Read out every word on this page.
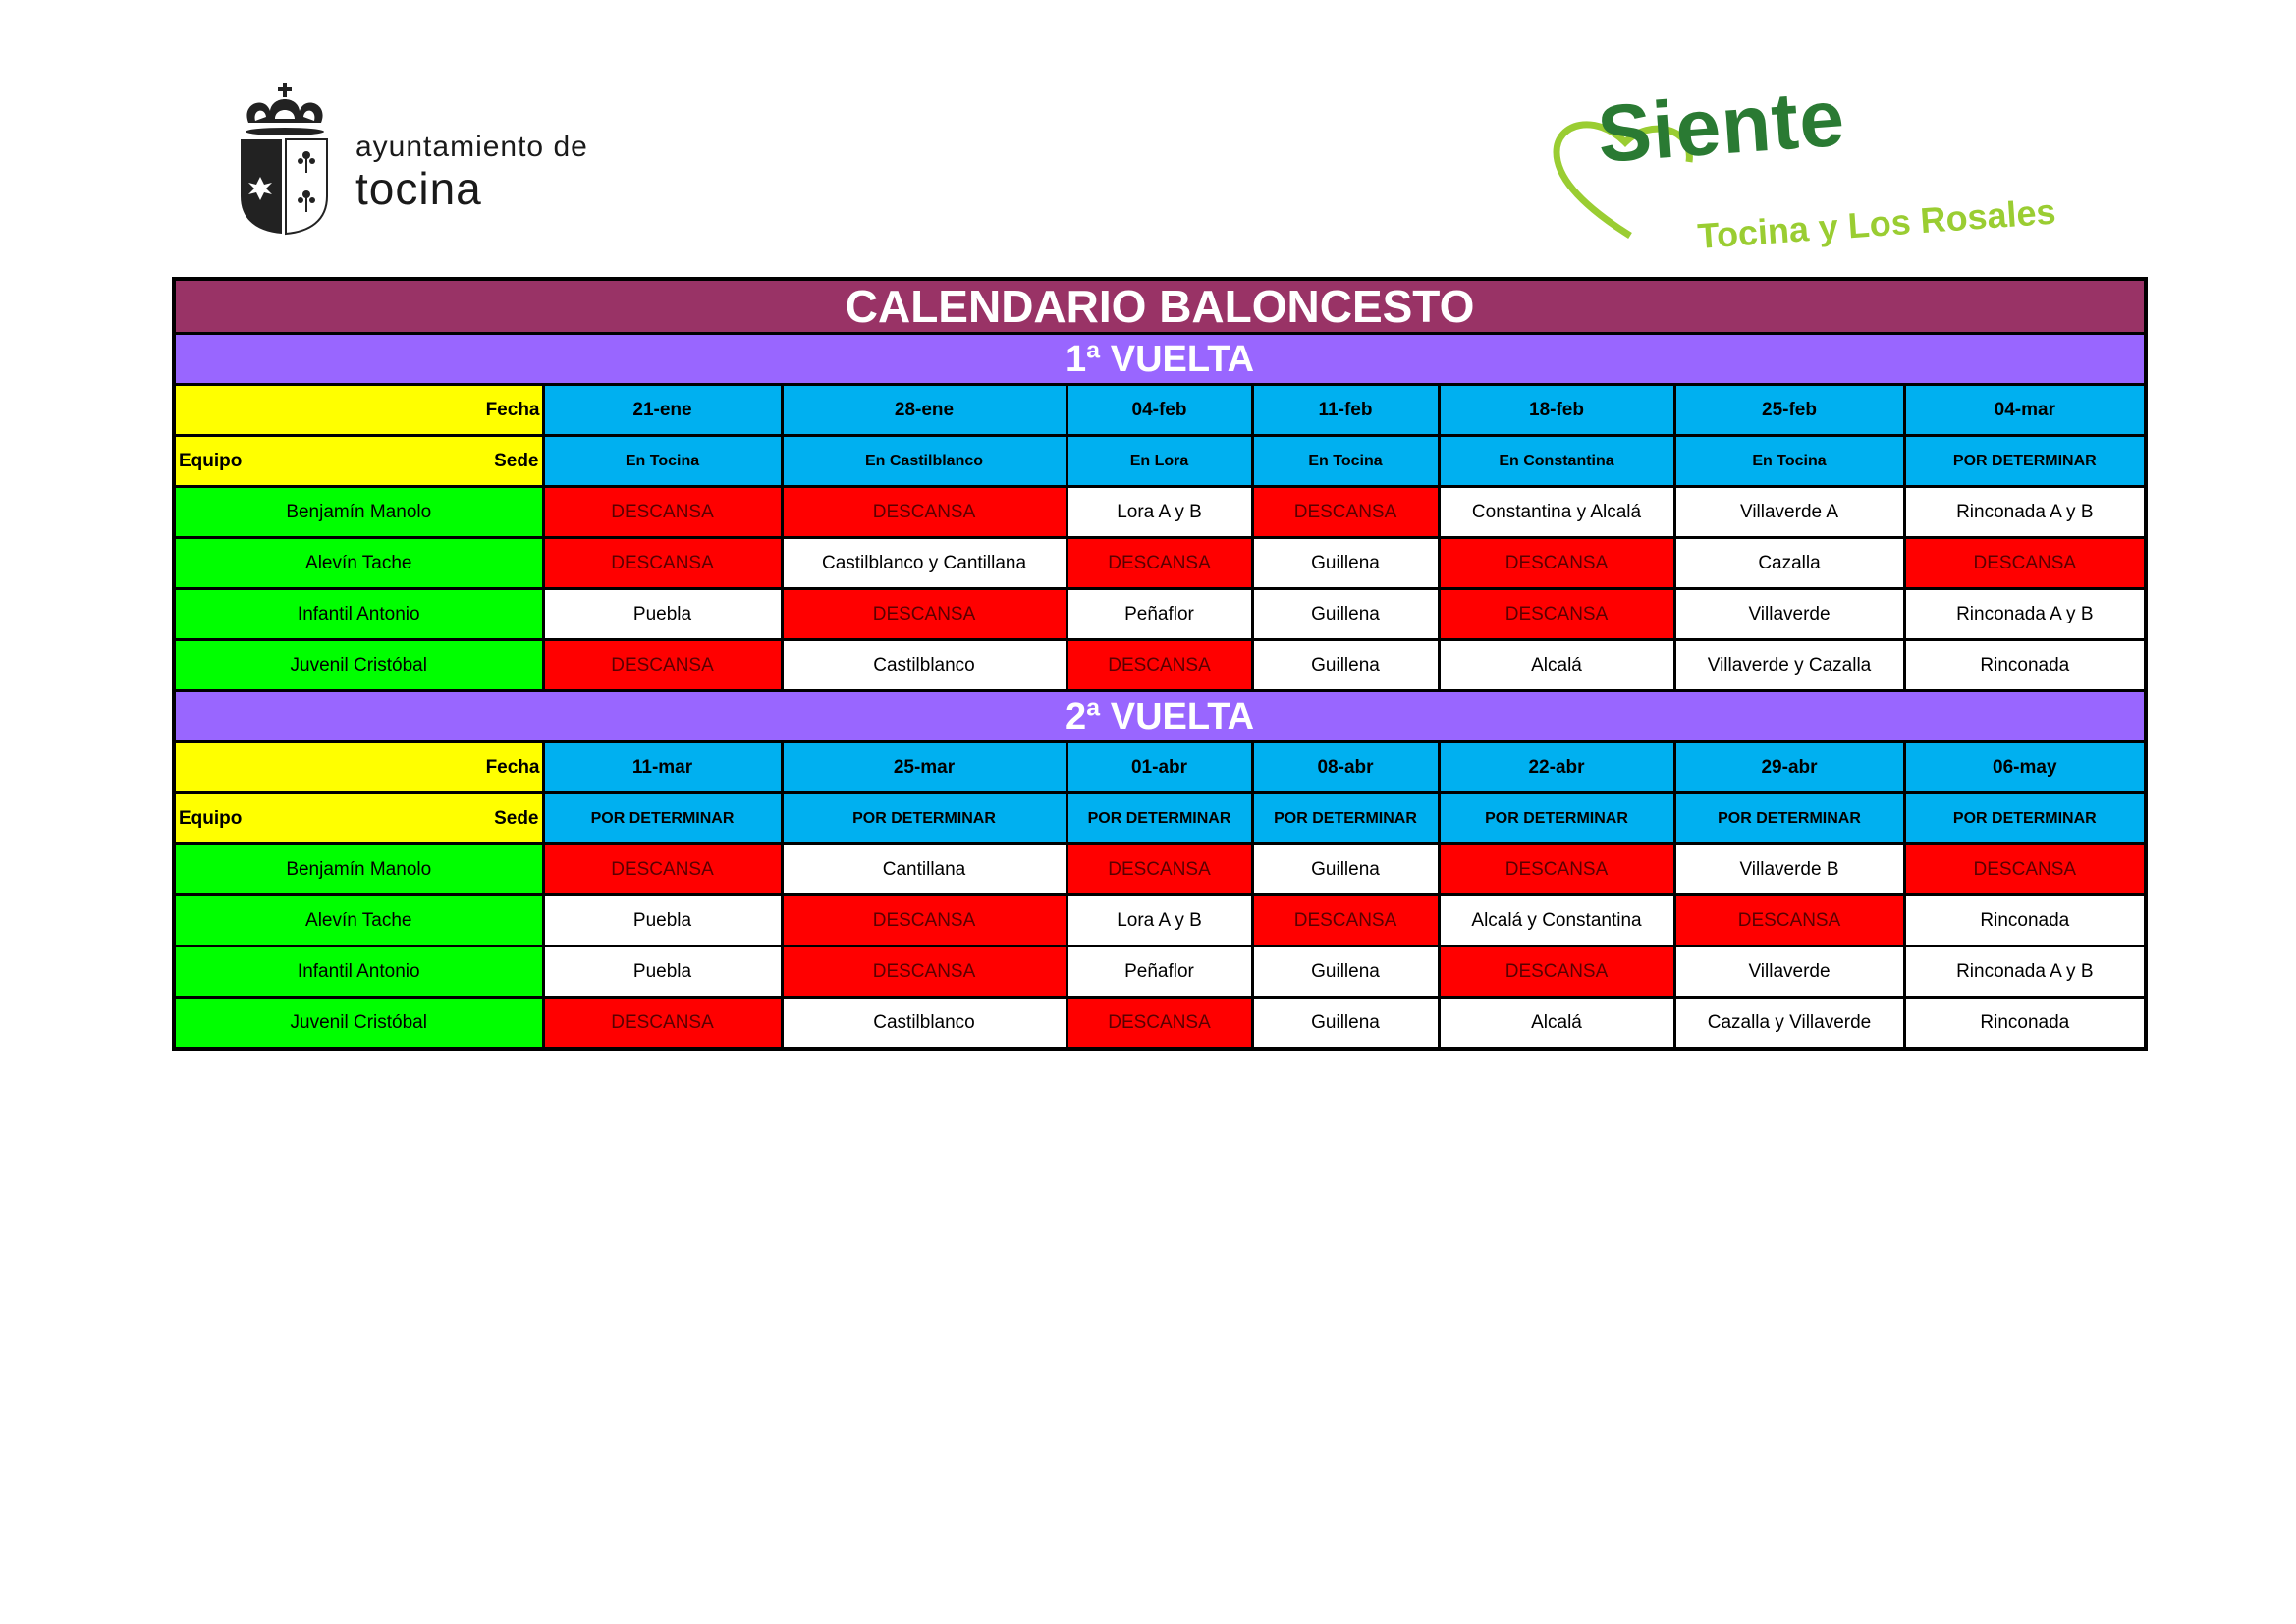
ayuntamiento de
tocina
Siente
Tocina y Los Rosales
CALENDARIO BALONCESTO							
1ª VUELTA							
Fecha	21-ene	28-ene	04-feb	11-feb	18-feb	25-feb	04-mar

Equipo Sede	En Tocina	En Castilblanco	En Lora	En Tocina	En Constantina	En Tocina	POR DETERMINAR
Benjamín Manolo	DESCANSA	DESCANSA	Lora A y B	DESCANSA	Constantina y Alcalá	Villaverde A	Rinconada A y B
Alevín Tache	DESCANSA	Castilblanco y Cantillana	DESCANSA	Guillena	DESCANSA	Cazalla	DESCANSA
Infantil Antonio	Puebla	DESCANSA	Peñaflor	Guillena	DESCANSA	Villaverde	Rinconada A y B
Juvenil Cristóbal	DESCANSA	Castilblanco	DESCANSA	Guillena	Alcalá	Villaverde y Cazalla	Rinconada
2ª VUELTA							
Fecha	11-mar	25-mar	01-abr	08-abr	22-abr	29-abr	06-may

Equipo Sede	POR DETERMINAR	POR DETERMINAR	POR DETERMINAR	POR DETERMINAR	POR DETERMINAR	POR DETERMINAR	POR DETERMINAR
Benjamín Manolo	DESCANSA	Cantillana	DESCANSA	Guillena	DESCANSA	Villaverde B	DESCANSA
Alevín Tache	Puebla	DESCANSA	Lora A y B	DESCANSA	Alcalá y Constantina	DESCANSA	Rinconada
Infantil Antonio	Puebla	DESCANSA	Peñaflor	Guillena	DESCANSA	Villaverde	Rinconada A y B
Juvenil Cristóbal	DESCANSA	Castilblanco	DESCANSA	Guillena	Alcalá	Cazalla y Villaverde	Rinconada
